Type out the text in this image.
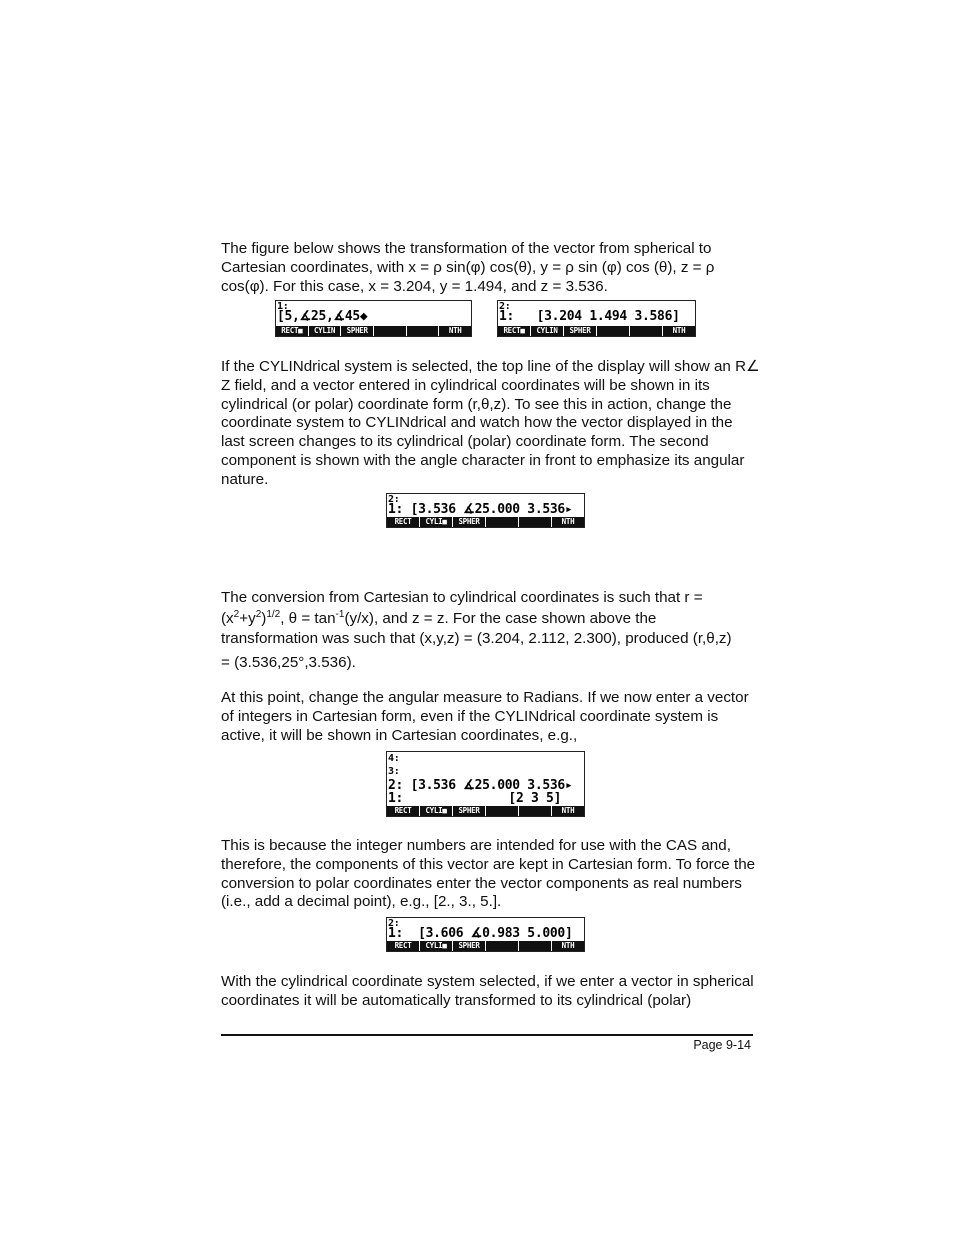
The figure below shows the transformation of the vector from spherical to
Cartesian coordinates, with x = ρ sin(φ) cos(θ), y = ρ sin (φ) cos (θ), z = ρ
cos(φ). For this case, x = 3.204, y = 1.494, and z = 3.536.
1:
[5,∡25,∡45◆
RECT■	CYLIN	SPHER	NTH
2:
1:   [3.204 1.494 3.586]
RECT■	CYLIN	SPHER	NTH
If the CYLINdrical system is selected, the top line of the display will show an R∠
Z field, and a vector entered in cylindrical coordinates will be shown in its
cylindrical (or polar) coordinate form (r,θ,z). To see this in action, change the
coordinate system to CYLINdrical and watch how the vector displayed in the
last screen changes to its cylindrical (polar) coordinate form. The second
component is shown with the angle character in front to emphasize its angular
nature.
2:
1: [3.536 ∡25.000 3.536▸
RECT	CYLI■	SPHER	NTH
The conversion from Cartesian to cylindrical coordinates is such that r =
$(x^2+y^2)^{1/2}$, $\theta = \tan^{-1}(y/x)$, and z = z. For the case shown above the
transformation was such that (x,y,z) = (3.204, 2.112, 2.300), produced (r,θ,z)
= (3.536,25°,3.536).
At this point, change the angular measure to Radians. If we now enter a vector
of integers in Cartesian form, even if the CYLINdrical coordinate system is
active, it will be shown in Cartesian coordinates, e.g.,
4:
3:
2: [3.536 ∡25.000 3.536▸
1:              [2 3 5]
RECT	CYLI■	SPHER	NTH
This is because the integer numbers are intended for use with the CAS and,
therefore, the components of this vector are kept in Cartesian form. To force the
conversion to polar coordinates enter the vector components as real numbers
(i.e., add a decimal point), e.g., [2., 3., 5.].
2:
1:  [3.606 ∡0.983 5.000]
RECT	CYLI■	SPHER	NTH
With the cylindrical coordinate system selected, if we enter a vector in spherical
coordinates it will be automatically transformed to its cylindrical (polar)
Page 9-14
